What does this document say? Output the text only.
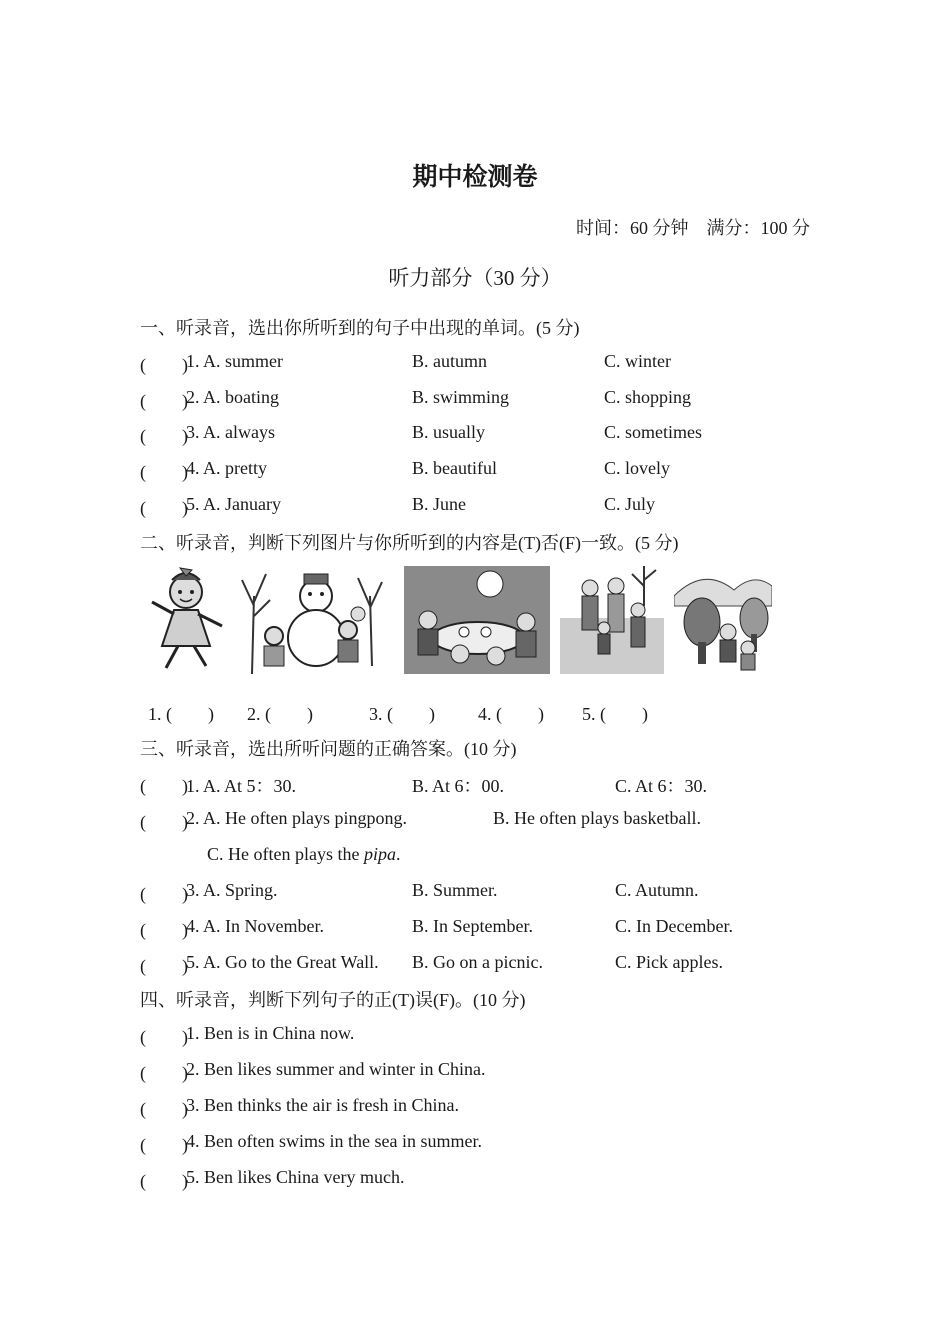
期中检测卷
时间：60 分钟　满分：100 分
听力部分（30 分）
一、听录音，选出你所听到的句子中出现的单词。(5 分)
(　　)
1. A. summer	B. autumn	C. winter
(　　)
2. A. boating	B. swimming	C. shopping
(　　)
3. A. always	B. usually	C. sometimes
(　　)
4. A. pretty	B. beautiful	C. lovely
(　　)
5. A. January	B. June	C. July
二、听录音，判断下列图片与你所听到的内容是(T)否(F)一致。(5 分)
1. (　　) 2. (　　)	3. (　　) 4. (　　) 5. (　　)
三、听录音，选出所听问题的正确答案。(10 分)
(　　)
1. A. At 5：30.	B. At 6：00.	C. At 6：30.
(　　)
2. A. He often plays pingpong.	B. He often plays basketball.
C. He often plays the pipa.
(　　)
3. A. Spring.	B. Summer.	C. Autumn.
(　　)
4. A. In November.	B. In September.	C. In December.
(　　)
5. A. Go to the Great Wall. B. Go on a picnic.	C. Pick apples.
四、听录音，判断下列句子的正(T)误(F)。(10 分)
(　　)
1. Ben is in China now.
(　　)
2. Ben likes summer and winter in China.
(　　)
3. Ben thinks the air is fresh in China.
(　　)
4. Ben often swims in the sea in summer.
(　　)
5. Ben likes China very much.
